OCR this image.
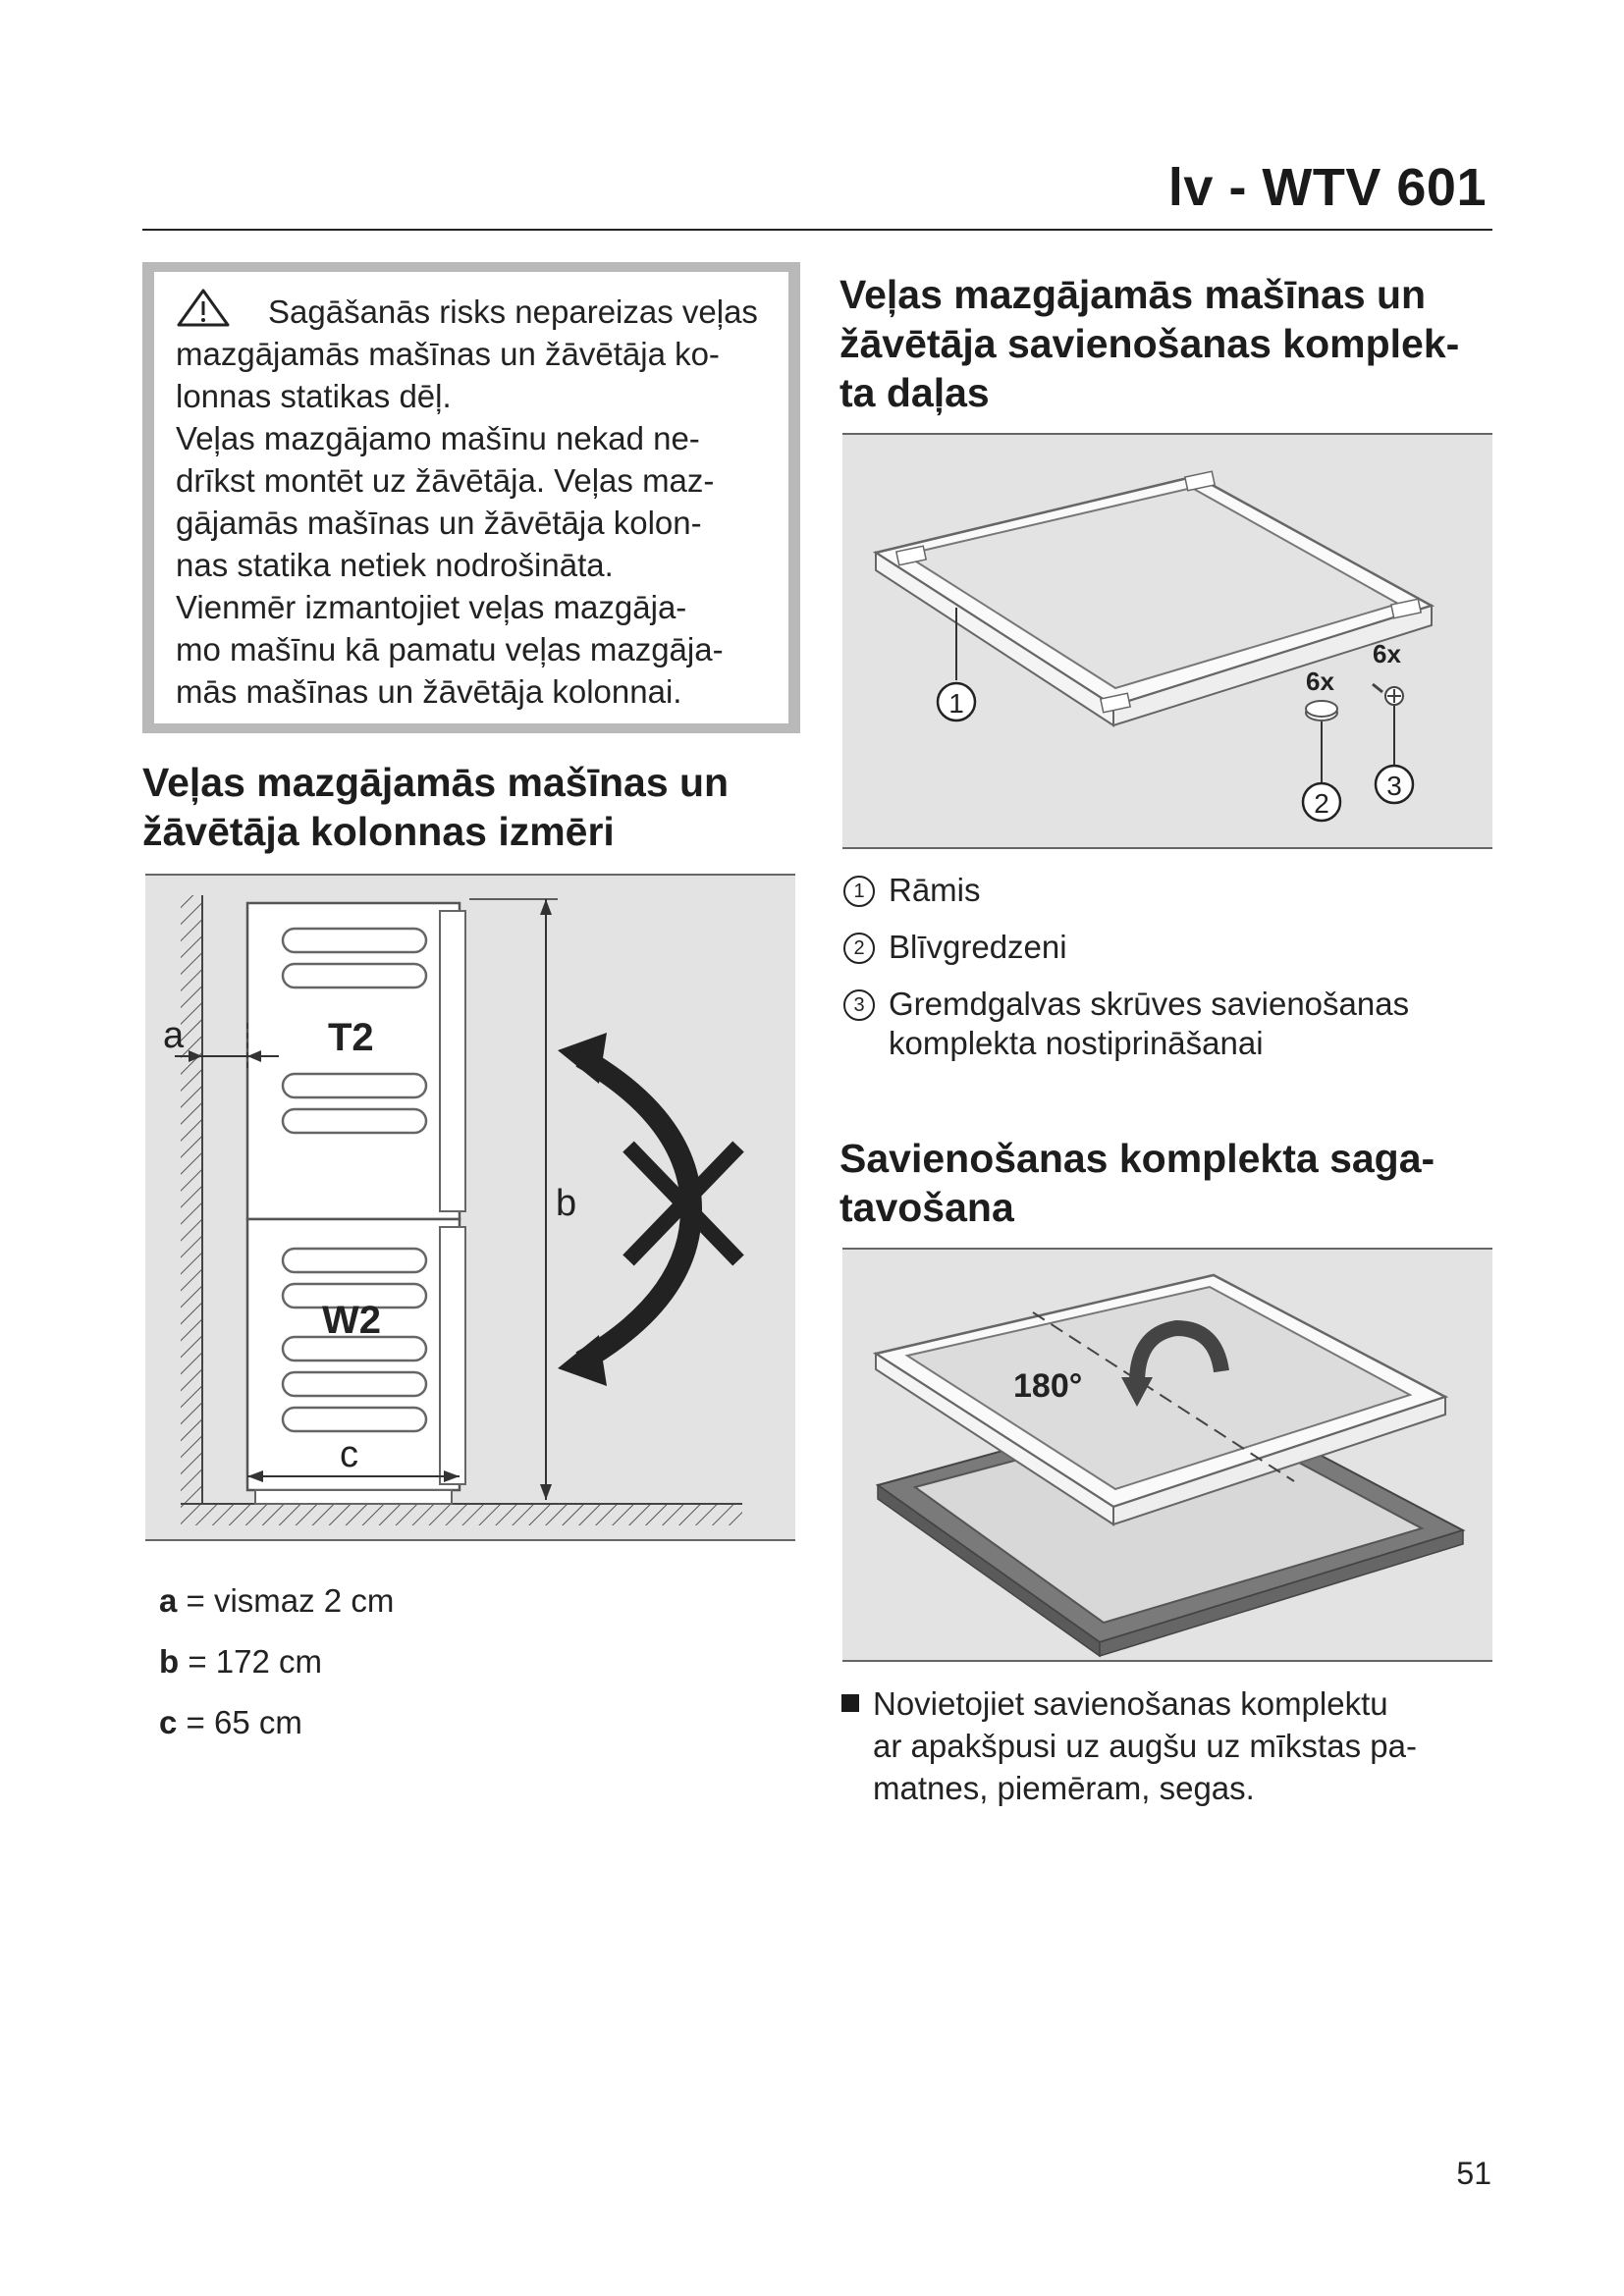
lv - WTV 601

Sagāšanās risks nepareizas veļas
mazgājamās mašīnas un žāvētāja ko-
lonnas statikas dēļ.

Veļas mazgājamo mašīnu nekad ne-
drīkst montēt uz žāvētāja. Veļas maz-
gājamās mašīnas un žāvētāja kolon-
nas statika netiek nodrošināta.

Vienmēr izmantojiet veļas mazgāja-
mo mašīnu kā pamatu veļas mazgāja-
mās mašīnas un žāvētāja kolonnai.

Veļas mazgājamās mašīnas un
žāvētāja kolonnas izmēri
a	T2
W2
b
c
a = vismaz 2 cm
b = 172 cm
c = 65 cm
Veļas mazgājamās mašīnas un
žāvētāja savienošanas komplek-
ta daļas
1
6x
2
6x
3
1 Rāmis
2 Blīvgredzeni
3 Gremdgalvas skrūves savienošanas
komplekta nostiprināšanai
Savienošanas komplekta saga-
tavošana
180°
Novietojiet savienošanas komplektu
ar apakšpusi uz augšu uz mīkstas pa-
matnes, piemēram, segas.
51
